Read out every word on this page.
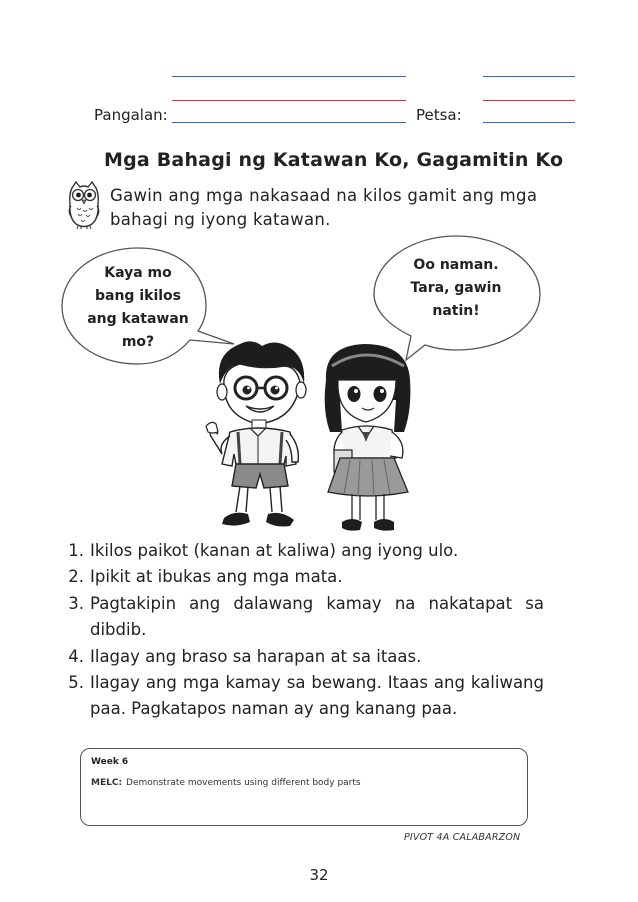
Pangalan:	Petsa:
Mga Bahagi ng Katawan Ko, Gagamitin Ko
Gawin ang mga nakasaad na kilos gamit ang mga bahagi ng iyong katawan.
Kaya mo
bang ikilos
ang katawan
mo?
Oo naman.
Tara, gawin
natin!
1. Ikilos paikot (kanan at kaliwa) ang iyong ulo.
2. Ipikit at ibukas ang mga mata.
3. Pagtakipin ang dalawang kamay na nakatapat sa dibdib.
4. Ilagay ang braso sa harapan at sa itaas.
5. Ilagay ang mga kamay sa bewang. Itaas ang kaliwang paa. Pagkatapos naman ay ang kanang paa.
Week 6
MELC: Demonstrate movements using different body parts
PIVOT 4A CALABARZON
32
